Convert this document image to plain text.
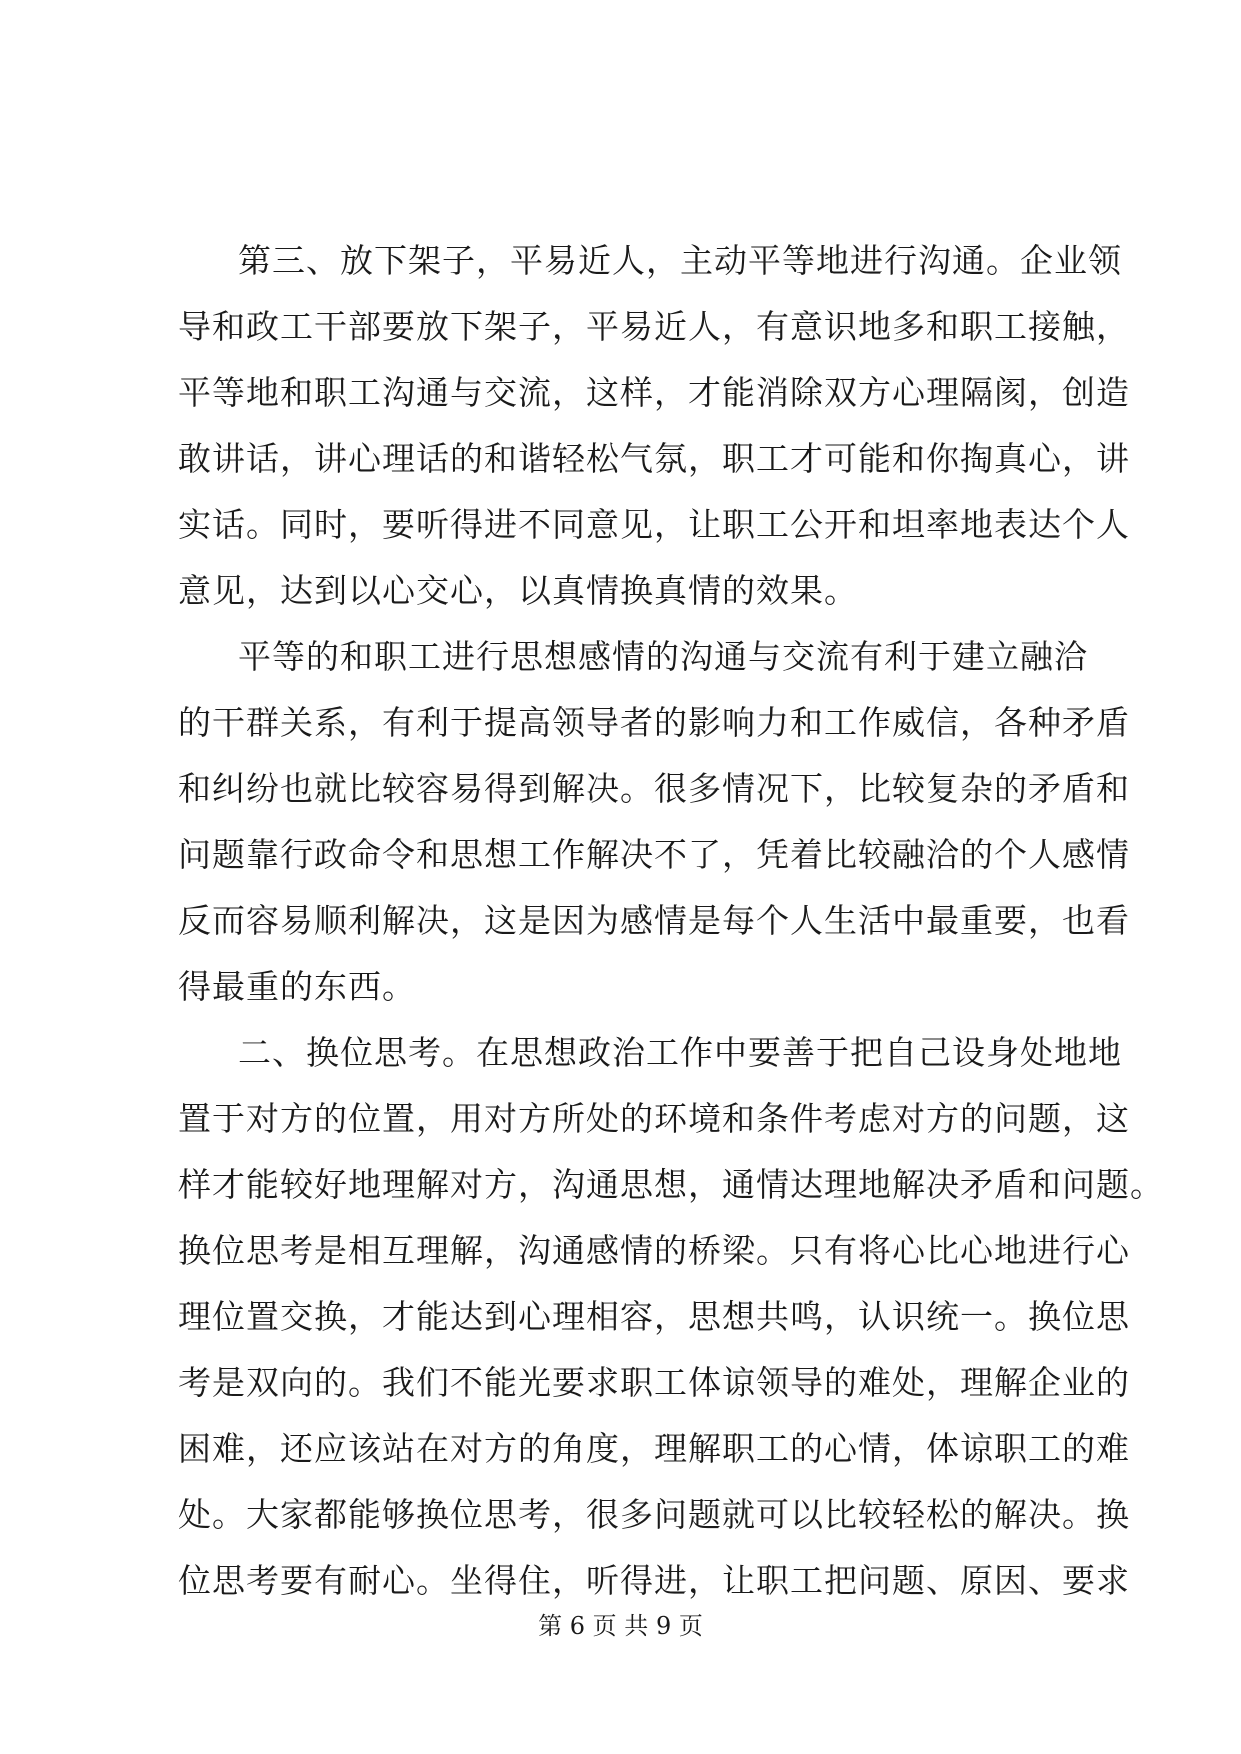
第三、放下架子，平易近人，主动平等地进行沟通。企业领
导和政工干部要放下架子，平易近人，有意识地多和职工接触，
平等地和职工沟通与交流，这样，才能消除双方心理隔阂，创造
敢讲话，讲心理话的和谐轻松气氛，职工才可能和你掏真心，讲
实话。同时，要听得进不同意见，让职工公开和坦率地表达个人
意见，达到以心交心，以真情换真情的效果。
平等的和职工进行思想感情的沟通与交流有利于建立融洽
的干群关系，有利于提高领导者的影响力和工作威信，各种矛盾
和纠纷也就比较容易得到解决。很多情况下，比较复杂的矛盾和
问题靠行政命令和思想工作解决不了，凭着比较融洽的个人感情
反而容易顺利解决，这是因为感情是每个人生活中最重要，也看
得最重的东西。
二、换位思考。在思想政治工作中要善于把自己设身处地地
置于对方的位置，用对方所处的环境和条件考虑对方的问题，这
样才能较好地理解对方，沟通思想，通情达理地解决矛盾和问题。
换位思考是相互理解，沟通感情的桥梁。只有将心比心地进行心
理位置交换，才能达到心理相容，思想共鸣，认识统一。换位思
考是双向的。我们不能光要求职工体谅领导的难处，理解企业的
困难，还应该站在对方的角度，理解职工的心情，体谅职工的难
处。大家都能够换位思考，很多问题就可以比较轻松的解决。换
位思考要有耐心。坐得住，听得进，让职工把问题、原因、要求
第 6 页 共 9 页
